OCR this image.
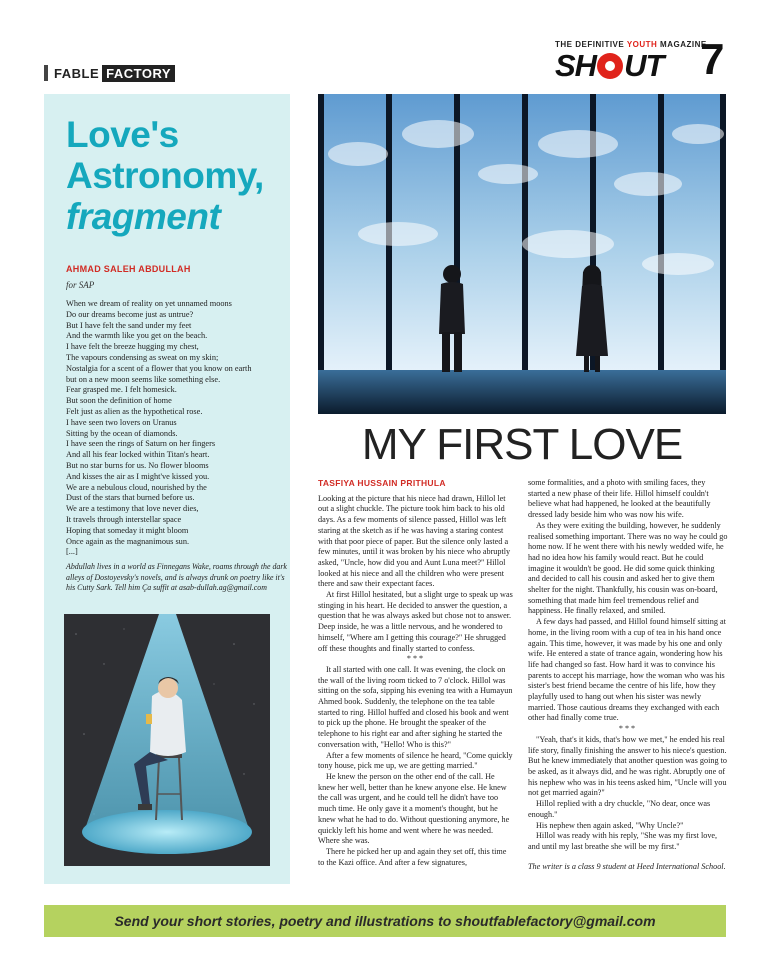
FABLE FACTORY
THE DEFINITIVE YOUTH MAGAZINE
SH UT 7
Love's
Astronomy,
fragment
AHMAD SALEH ABDULLAH
for SAP
When we dream of reality on yet unnamed moons
Do our dreams become just as untrue?
But I have felt the sand under my feet
And the warmth like you get on the beach.
I have felt the breeze hugging my chest,
The vapours condensing as sweat on my skin;
Nostalgia for a scent of a flower that you know on earth
but on a new moon seems like something else.
Fear grasped me. I felt homesick.
But soon the definition of home
Felt just as alien as the hypothetical rose.
I have seen two lovers on Uranus
Sitting by the ocean of diamonds.
I have seen the rings of Saturn on her fingers
And all his fear locked within Titan's heart.
But no star burns for us. No flower blooms
And kisses the air as I might've kissed you.
We are a nebulous cloud, nourished by the
Dust of the stars that burned before us.
We are a testimony that love never dies,
It travels through interstellar space
Hoping that someday it might bloom
Once again as the magnanimous sun.
[...]
Abdullah lives in a world as Finnegans Wake, roams through the dark alleys of Dostoyevsky's novels, and is always drunk on poetry like it's his Cutty Sark. Tell him Ça suffit at asab-dullah.ag@gmail.com
MY FIRST LOVE
TASFIYA HUSSAIN PRITHULA

Looking at the picture that his niece had drawn, Hillol let out a slight chuckle. The picture took him back to his old days. As a few moments of silence passed, Hillol was left staring at the sketch as if he was having a staring contest with that poor piece of paper. But the silence only lasted a few minutes, until it was broken by his niece who abruptly asked, "Uncle, how did you and Aunt Luna meet?" Hillol looked at his niece and all the children who were present there and saw their expectant faces.

At first Hillol hesitated, but a slight urge to speak up was stinging in his heart. He decided to answer the question, a question that he was always asked but chose not to answer. Deep inside, he was a little nervous, and he wondered to himself, "Where am I getting this courage?" He shrugged off these thoughts and finally started to confess.

***

It all started with one call. It was evening, the clock on the wall of the living room ticked to 7 o'clock. Hillol was sitting on the sofa, sipping his evening tea with a Humayun Ahmed book. Suddenly, the telephone on the tea table started to ring. Hillol huffed and closed his book and went to pick up the phone. He brought the speaker of the telephone to his right ear and after sighing he started the conversation with, "Hello! Who is this?"

After a few moments of silence he heard, "Come quickly tony house, pick me up, we are getting married."

He knew the person on the other end of the call. He knew her well, better than he knew anyone else. He knew the call was urgent, and he could tell he didn't have too much time. He only gave it a moment's thought, but he knew what he had to do. Without questioning anymore, he quickly left his home and went where he was needed. Where she was.

There he picked her up and again they set off, this time to the Kazi office. And after a few signatures,

some formalities, and a photo with smiling faces, they started a new phase of their life. Hillol himself couldn't believe what had happened, he looked at the beautifully dressed lady beside him who was now his wife.

As they were exiting the building, however, he suddenly realised something important. There was no way he could go home now. If he went there with his newly wedded wife, he had no idea how his family would react. But he could imagine it wouldn't be good. He did some quick thinking and decided to call his cousin and asked her to give them shelter for the night. Thankfully, his cousin was on-board, something that made him feel tremendous relief and happiness. He finally relaxed, and smiled.

A few days had passed, and Hillol found himself sitting at home, in the living room with a cup of tea in his hand once again. This time, however, it was made by his one and only wife. He entered a state of trance again, wondering how his life had changed so fast. How hard it was to convince his parents to accept his marriage, how the woman who was his sister's best friend became the centre of his life, how they playfully used to hang out when his sister was newly married. Those cautious dreams they exchanged with each other had finally come true.

***

"Yeah, that's it kids, that's how we met," he ended his real life story, finally finishing the answer to his niece's question. But he knew immediately that another question was going to be asked, as it always did, and he was right. Abruptly one of his nephew who was in his teens asked him, "Uncle will you not get married again?"

Hillol replied with a dry chuckle, "No dear, once was enough."

His nephew then again asked, "Why Uncle?"

Hillol was ready with his reply, "She was my first love, and until my last breathe she will be my first."

The writer is a class 9 student at Heed International School.

Send your short stories, poetry and illustrations to shoutfablefactory@gmail.com
